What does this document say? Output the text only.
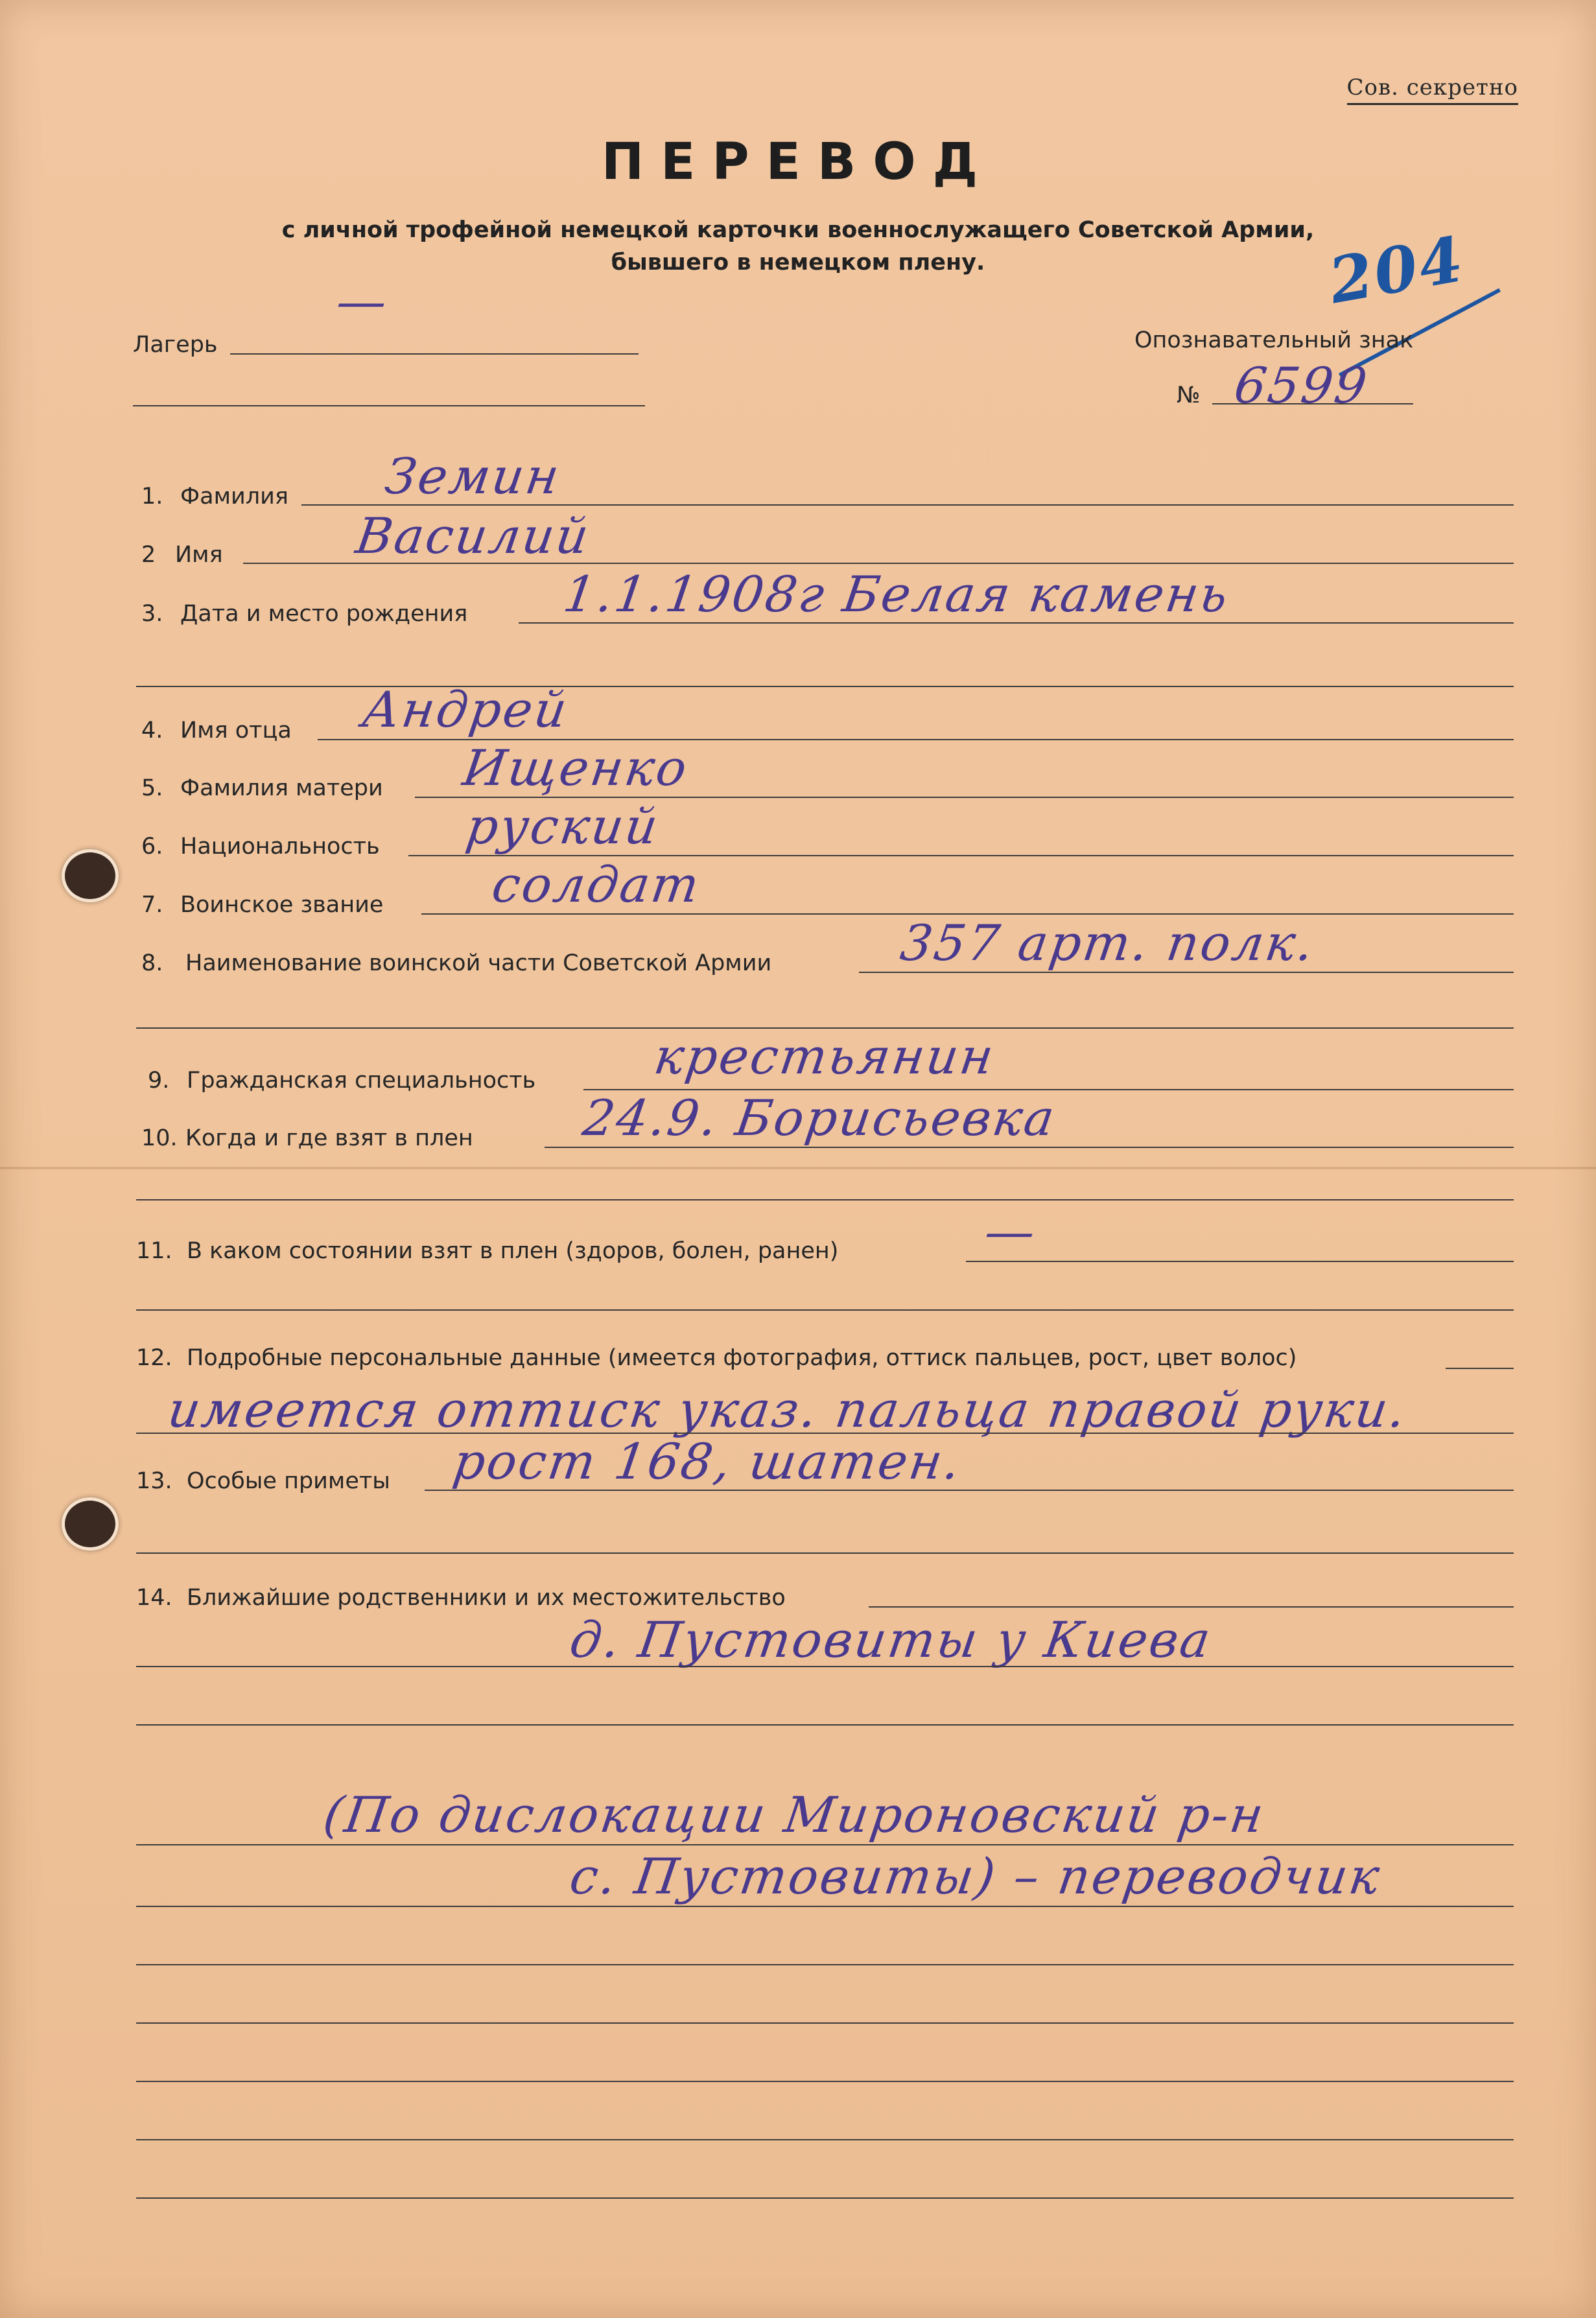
Сов. секретно
ПЕРЕВОД
с личной трофейной немецкой карточки военнослужащего Советской Армии,
бывшего в немецком плену.	204
Лагерь
—
Опознавательный знак
№ 6599
1. Фамилия Земин
2 Имя	Василий
3. Дата и место рождения 1.1.1908г Белая камень
4. Имя отца Андрей
5. Фамилия матери Ищенко
6. Национальность руский
7. Воинское звание солдат
8. Наименование воинской части Советской Армии	357 арт. полк.
9. Гражданская специальность крестьянин
10. Когда и где взят в плен 24.9. Борисьевка
11. В каком состоянии взят в плен (здоров, болен, ранен)	—
12. Подробные персональные данные (имеется фотография, оттиск пальцев, рост, цвет волос)
имеется оттиск указ. пальца правой руки.
13. Особые приметы рост 168, шатен.
14. Ближайшие родственники и их местожительство
д. Пустовиты у Киева
(По дислокации Мироновский р-н
с. Пустовиты) – переводчик
